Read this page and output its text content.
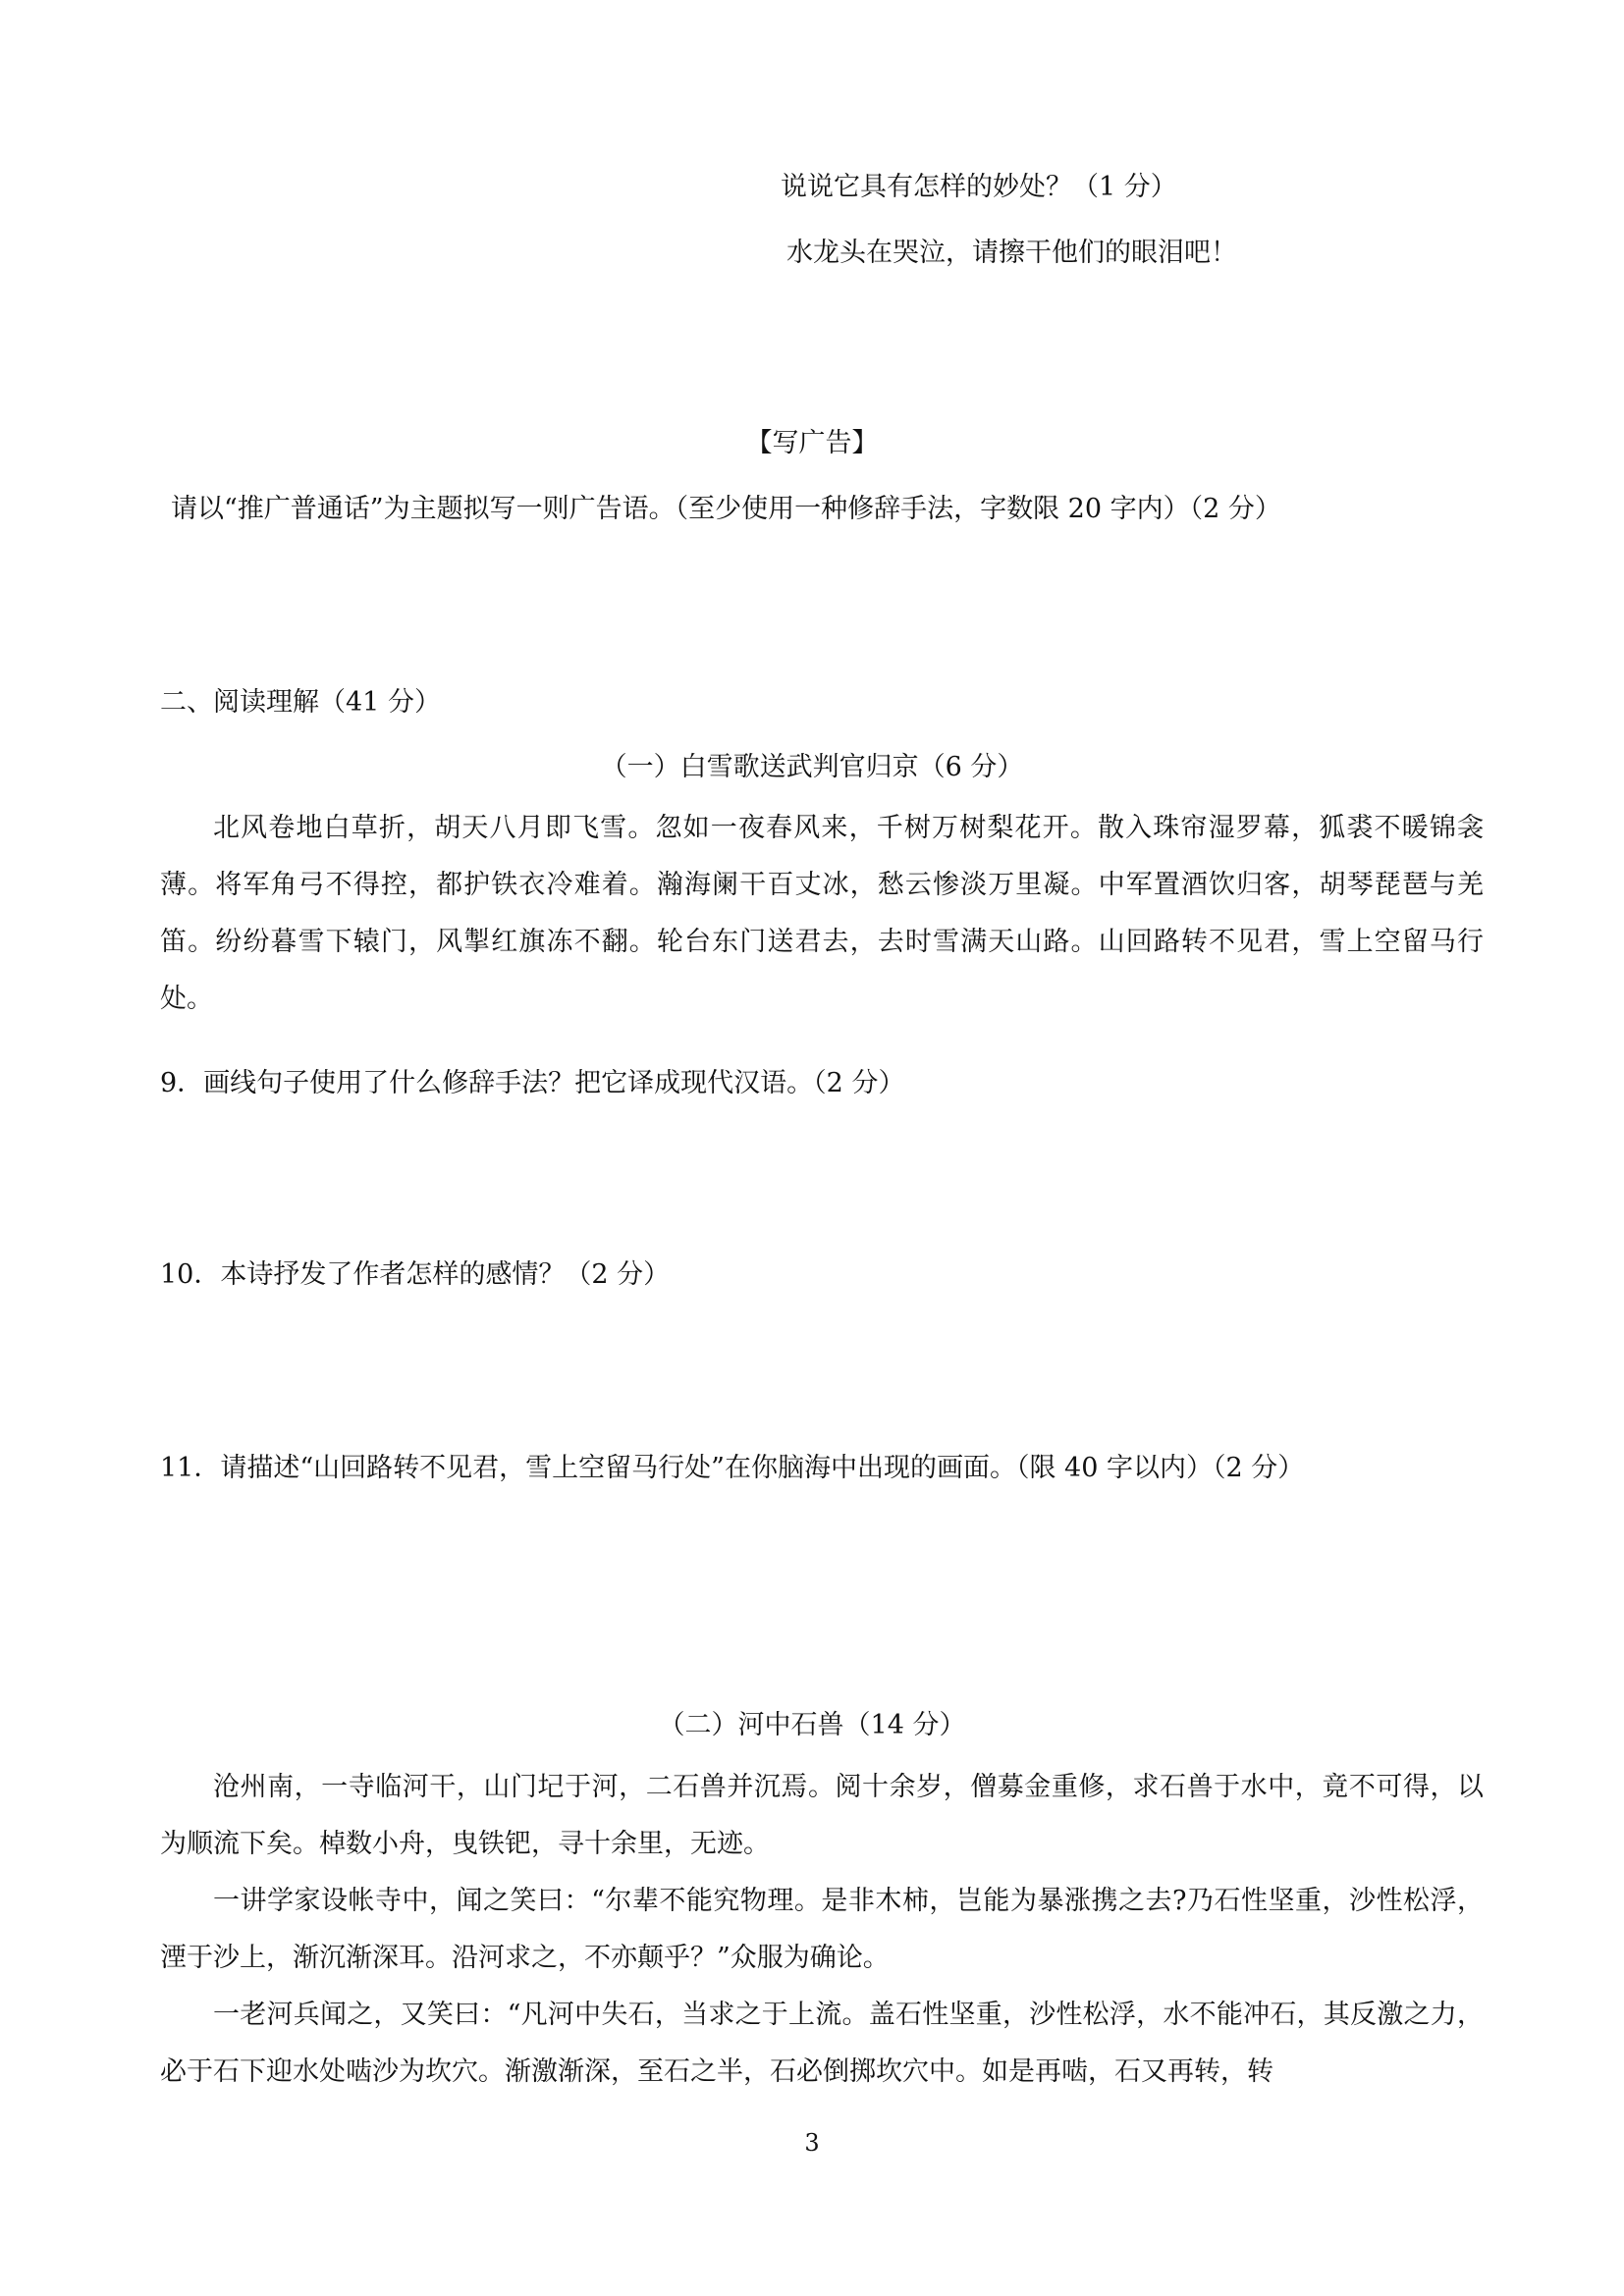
说说它具有怎样的妙处？（1 分）
水龙头在哭泣，请擦干他们的眼泪吧！
【写广告】
请以“推广普通话”为主题拟写一则广告语。（至少使用一种修辞手法，字数限 20 字内）（2 分）
二、阅读理解（41 分）
（一）白雪歌送武判官归京（6 分）
北风卷地白草折，胡天八月即飞雪。忽如一夜春风来，千树万树梨花开。散入珠帘湿罗幕，狐裘不暖锦衾薄。将军角弓不得控，都护铁衣冷难着。瀚海阑干百丈冰，愁云惨淡万里凝。中军置酒饮归客，胡琴琵琶与羌笛。纷纷暮雪下辕门，风掣红旗冻不翻。轮台东门送君去，去时雪满天山路。山回路转不见君，雪上空留马行处。
9．画线句子使用了什么修辞手法？把它译成现代汉语。（2 分）
10．本诗抒发了作者怎样的感情？（2 分）
11．请描述“山回路转不见君，雪上空留马行处”在你脑海中出现的画面。（限 40 字以内）（2 分）
（二）河中石兽（14 分）
沧州南，一寺临河干，山门圮于河，二石兽并沉焉。阅十余岁，僧募金重修，求石兽于水中，竟不可得，以为顺流下矣。棹数小舟，曳铁钯，寻十余里，无迹。
一讲学家设帐寺中，闻之笑曰：“尔辈不能究物理。是非木柿，岂能为暴涨携之去?乃石性坚重，沙性松浮，湮于沙上，渐沉渐深耳。沿河求之，不亦颠乎？”众服为确论。
一老河兵闻之，又笑曰：“凡河中失石，当求之于上流。盖石性坚重，沙性松浮，水不能冲石，其反激之力，必于石下迎水处啮沙为坎穴。渐激渐深，至石之半，石必倒掷坎穴中。如是再啮，石又再转，转
3
